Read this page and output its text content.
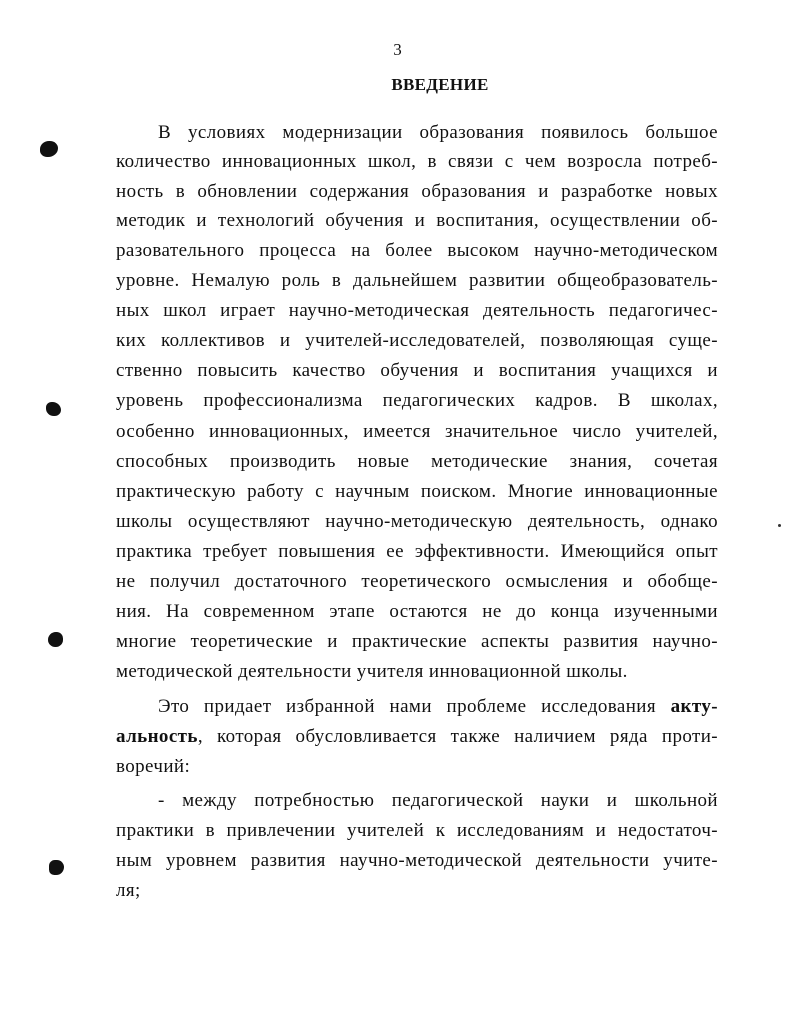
3
ВВЕДЕНИЕ
В условиях модернизации образования появилось большое
количество инновационных школ, в связи с чем возросла потреб-
ность в обновлении содержания образования и разработке новых
методик и технологий обучения и воспитания, осуществлении об-
разовательного процесса на более высоком научно-методическом
уровне. Немалую роль в дальнейшем развитии общеобразователь-
ных школ играет научно-методическая деятельность педагогичес-
ких коллективов и учителей-исследователей, позволяющая суще-
ственно повысить качество обучения и воспитания учащихся и
уровень профессионализма педагогических кадров. В школах,
особенно инновационных, имеется значительное число учителей,
способных производить новые методические знания, сочетая
практическую работу с научным поиском. Многие инновационные
школы осуществляют научно-методическую деятельность, однако
практика требует повышения ее эффективности. Имеющийся опыт
не получил достаточного теоретического осмысления и обобще-
ния. На современном этапе остаются не до конца изученными
многие теоретические и практические аспекты развития научно-
методической деятельности учителя инновационной школы.
Это придает избранной нами проблеме исследования акту-
альность, которая обусловливается также наличием ряда проти-
воречий:
- между потребностью педагогической науки и школьной
практики в привлечении учителей к исследованиям и недостаточ-
ным уровнем развития научно-методической деятельности учите-
ля;
